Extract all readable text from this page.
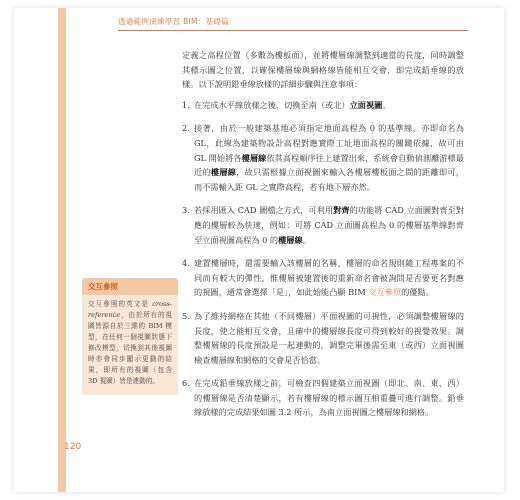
透過範例演練學習 BIM：基礎篇

定義之高程位置（多數為樓板面），並將樓層線調整到適當的長度，同時調整其標示圖之位置，以確保樓層線與網格線皆能相互交會，即完成鉛垂線的放樣。以下說明鉛垂線放樣的詳細步驟與注意事項：

1. 在完成水平線放樣之後，切換至南（或北）立面視圖。
2. 接著，由於一般建築基地必須指定地面高程為 0 的基準線，亦即命名為 GL，此線為建築物設計高程對應實際工址地面高程的關鍵依據，故可由 GL 開始將各樓層線依其高程順序往上建置出來，系統會自動偵測離游標最近的樓層線，故只需根據立面視圖來輸入各樓層樓板面之間的距離即可，而不需輸入距 GL 之實際高程，若有地下層亦然。
3. 若採用匯入 CAD 圖檔之方式，可利用對齊的功能將 CAD 立面圖對齊至對應的樓層較為快速，例如：可將 CAD 立面圖高程為 0 的樓層基準線對齊至立面視圖高程為 0 的樓層線。
4. 建置樓層時，還需要輸入該樓層的名稱，樓層的命名規則隨工程專案的不同而有較大的彈性，惟樓層被建置後的重新命名會被詢問是否要更名對應的視圖，通常會選擇「是」，如此始能凸顯 BIM 交互參照的優點。
5. 為了維持網格在其他（不同樓層）平面視圖的可視性，必須調整樓層線的長度，使之能相互交會，且確中的樓層線長度可得到較好的視覺效果。調整樓層線的長度預設是一起連動的，調整完畢後需至東（或西）立面視圖檢查樓層線和網格的交會是否恰當。
6. 在完成鉛垂線放樣之前，可檢查四個建築立面視圖（即北、南、東、西）的樓層線是否清楚顯示，若有樓層線的標示圖互相重疊可進行調整。鉛垂線放樣的完成結果如圖 3.2 所示，為南立面視圖之樓層線和網格。
交互參照
交互參照的英文是 cross-reference，由於所有的視圖皆源自於三維的 BIM 模型，在任何一個視圖狀態下修改模型，切換到其他視圖時亦會同步顯示更動的結果，即所有的視圖（包含 3D 視圖）皆是連動的。
120
